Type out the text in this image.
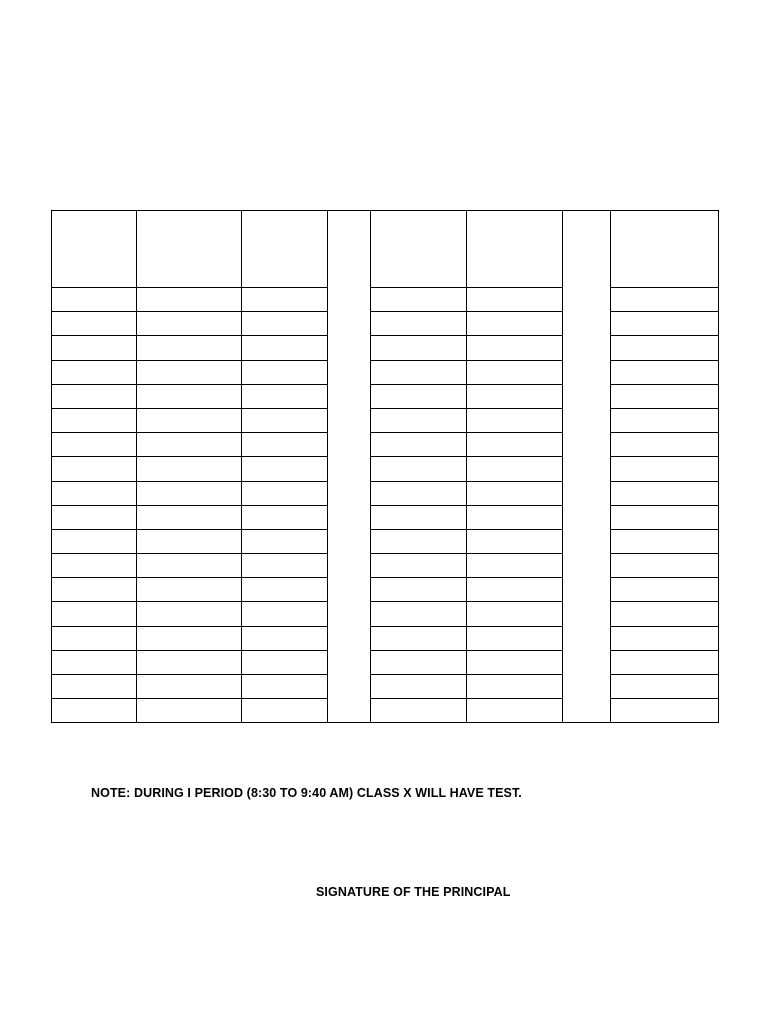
NOTE: DURING I PERIOD (8:30 TO 9:40 AM) CLASS X WILL HAVE TEST.
SIGNATURE OF THE PRINCIPAL
